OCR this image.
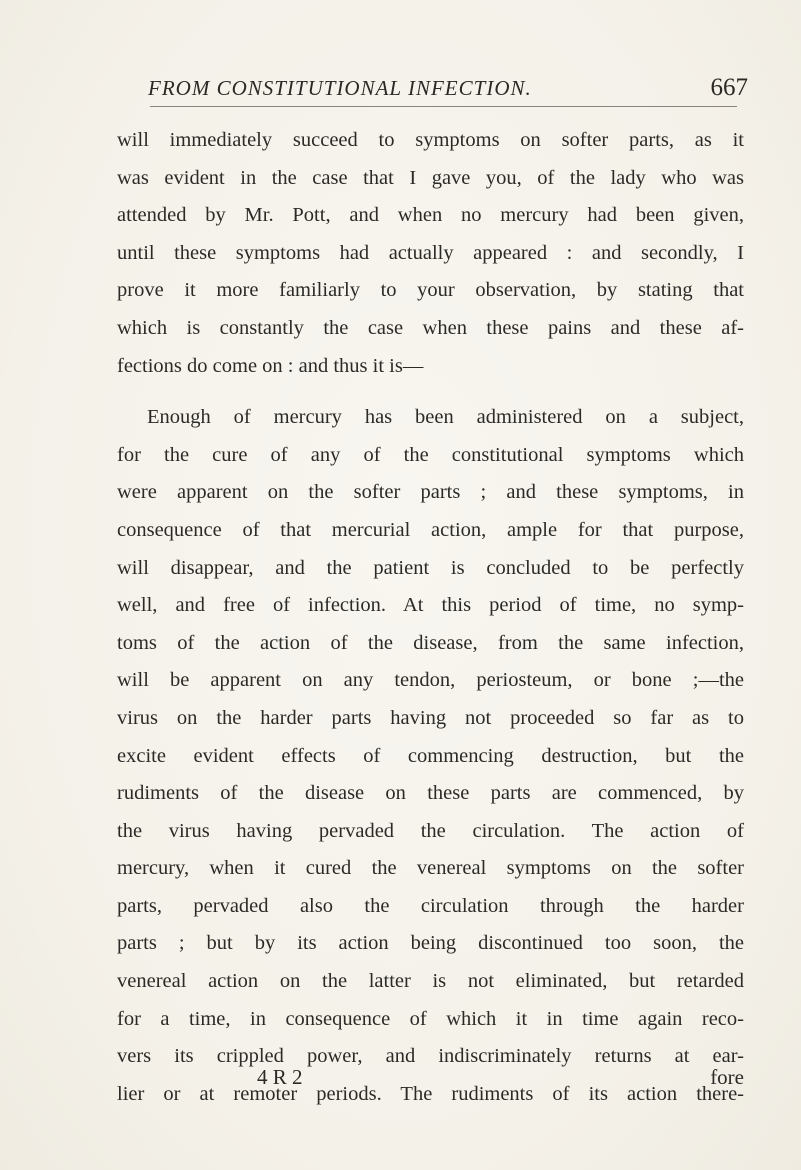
FROM CONSTITUTIONAL INFECTION.	667
will immediately succeed to symptoms on softer parts, as it
was evident in the case that I gave you, of the lady who was
attended by Mr. Pott, and when no mercury had been given,
until these symptoms had actually appeared : and secondly, I
prove it more familiarly to your observation, by stating that
which is constantly the case when these pains and these af-
fections do come on : and thus it is—
Enough of mercury has been administered on a subject,
for the cure of any of the constitutional symptoms which
were apparent on the softer parts ; and these symptoms, in
consequence of that mercurial action, ample for that purpose,
will disappear, and the patient is concluded to be perfectly
well, and free of infection. At this period of time, no symp-
toms of the action of the disease, from the same infection,
will be apparent on any tendon, periosteum, or bone ;—the
virus on the harder parts having not proceeded so far as to
excite evident effects of commencing destruction, but the
rudiments of the disease on these parts are commenced, by
the virus having pervaded the circulation. The action of
mercury, when it cured the venereal symptoms on the softer
parts, pervaded also the circulation through the harder
parts ; but by its action being discontinued too soon, the
venereal action on the latter is not eliminated, but retarded
for a time, in consequence of which it in time again reco-
vers its crippled power, and indiscriminately returns at ear-
lier or at remoter periods. The rudiments of its action there-
4 R 2	fore
